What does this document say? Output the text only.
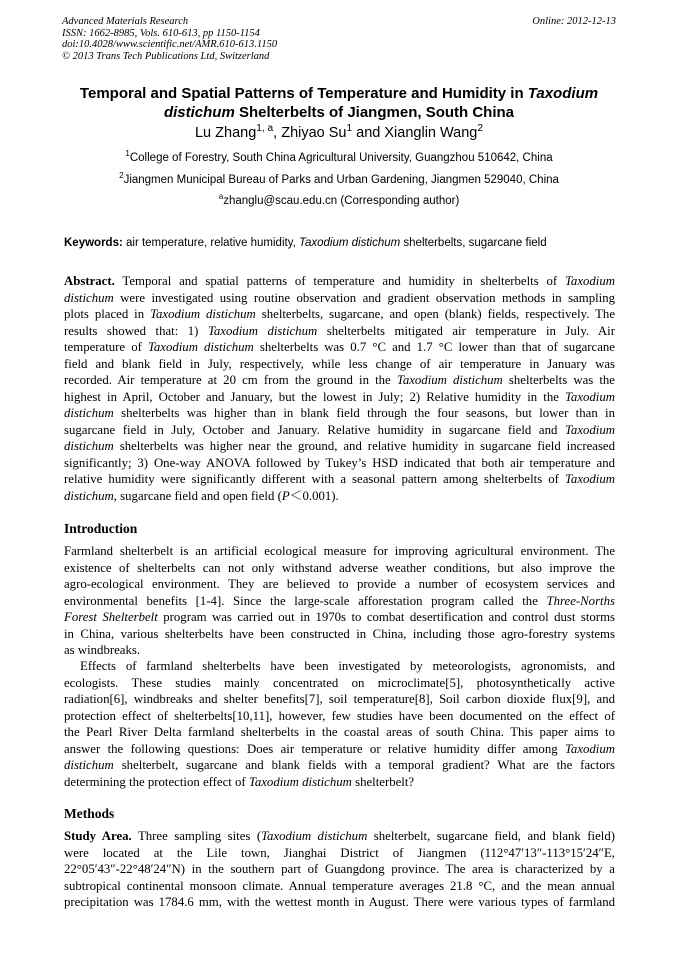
Advanced Materials Research	Online: 2012-12-13
ISSN: 1662-8985, Vols. 610-613, pp 1150-1154
doi:10.4028/www.scientific.net/AMR.610-613.1150
© 2013 Trans Tech Publications Ltd, Switzerland
Temporal and Spatial Patterns of Temperature and Humidity in Taxodium
distichum Shelterbelts of Jiangmen, South China
Lu Zhang$^{1, a}$, Zhiyao Su$^1$ and Xianglin Wang$^2$
$^1$College of Forestry, South China Agricultural University, Guangzhou 510642, China
$^2$Jiangmen Municipal Bureau of Parks and Urban Gardening, Jiangmen 529040, China
$^a$zhanglu@scau.edu.cn (Corresponding author)
Keywords: air temperature, relative humidity, Taxodium distichum shelterbelts, sugarcane field
Abstract. Temporal and spatial patterns of temperature and humidity in shelterbelts of Taxodium
distichum were investigated using routine observation and gradient observation methods in sampling
plots placed in Taxodium distichum shelterbelts, sugarcane, and open (blank) fields, respectively. The
results showed that: 1) Taxodium distichum shelterbelts mitigated air temperature in July. Air
temperature of Taxodium distichum shelterbelts was 0.7 °C and 1.7 °C lower than that of sugarcane
field and blank field in July, respectively, while less change of air temperature in January was
recorded. Air temperature at 20 cm from the ground in the Taxodium distichum shelterbelts was the
highest in April, October and January, but the lowest in July; 2) Relative humidity in the Taxodium
distichum shelterbelts was higher than in blank field through the four seasons, but lower than in
sugarcane field in July, October and January. Relative humidity in sugarcane field and Taxodium
distichum shelterbelts was higher near the ground, and relative humidity in sugarcane field increased
significantly; 3) One-way ANOVA followed by Tukey’s HSD indicated that both air temperature and
relative humidity were significantly different with a seasonal pattern among shelterbelts of Taxodium
distichum, sugarcane field and open field (P＜0.001).
Introduction
Farmland shelterbelt is an artificial ecological measure for improving agricultural environment. The
existence of shelterbelts can not only withstand adverse weather conditions, but also improve the
agro-ecological environment. They are believed to provide a number of ecosystem services and
environmental benefits [1-4]. Since the large-scale afforestation program called the Three-Norths
Forest Shelterbelt program was carried out in 1970s to combat desertification and control dust storms
in China, various shelterbelts have been constructed in China, including those agro-forestry systems
as windbreaks.
Effects of farmland shelterbelts have been investigated by meteorologists, agronomists, and
ecologists. These studies mainly concentrated on microclimate[5], photosynthetically active
radiation[6], windbreaks and shelter benefits[7], soil temperature[8], Soil carbon dioxide flux[9], and
protection effect of shelterbelts[10,11], however, few studies have been documented on the effect of
the Pearl River Delta farmland shelterbelts in the coastal areas of south China. This paper aims to
answer the following questions: Does air temperature or relative humidity differ among Taxodium
distichum shelterbelt, sugarcane and blank fields with a temporal gradient? What are the factors
determining the protection effect of Taxodium distichum shelterbelt?
Methods
Study Area. Three sampling sites (Taxodium distichum shelterbelt, sugarcane field, and blank field)
were located at the Lile town, Jianghai District of Jiangmen (112°47′13″-113°15′24″E,
22°05′43″-22°48′24″N) in the southern part of Guangdong province. The area is characterized by a
subtropical continental monsoon climate. Annual temperature averages 21.8 °C, and the mean annual
precipitation was 1784.6 mm, with the wettest month in August. There were various types of farmland
